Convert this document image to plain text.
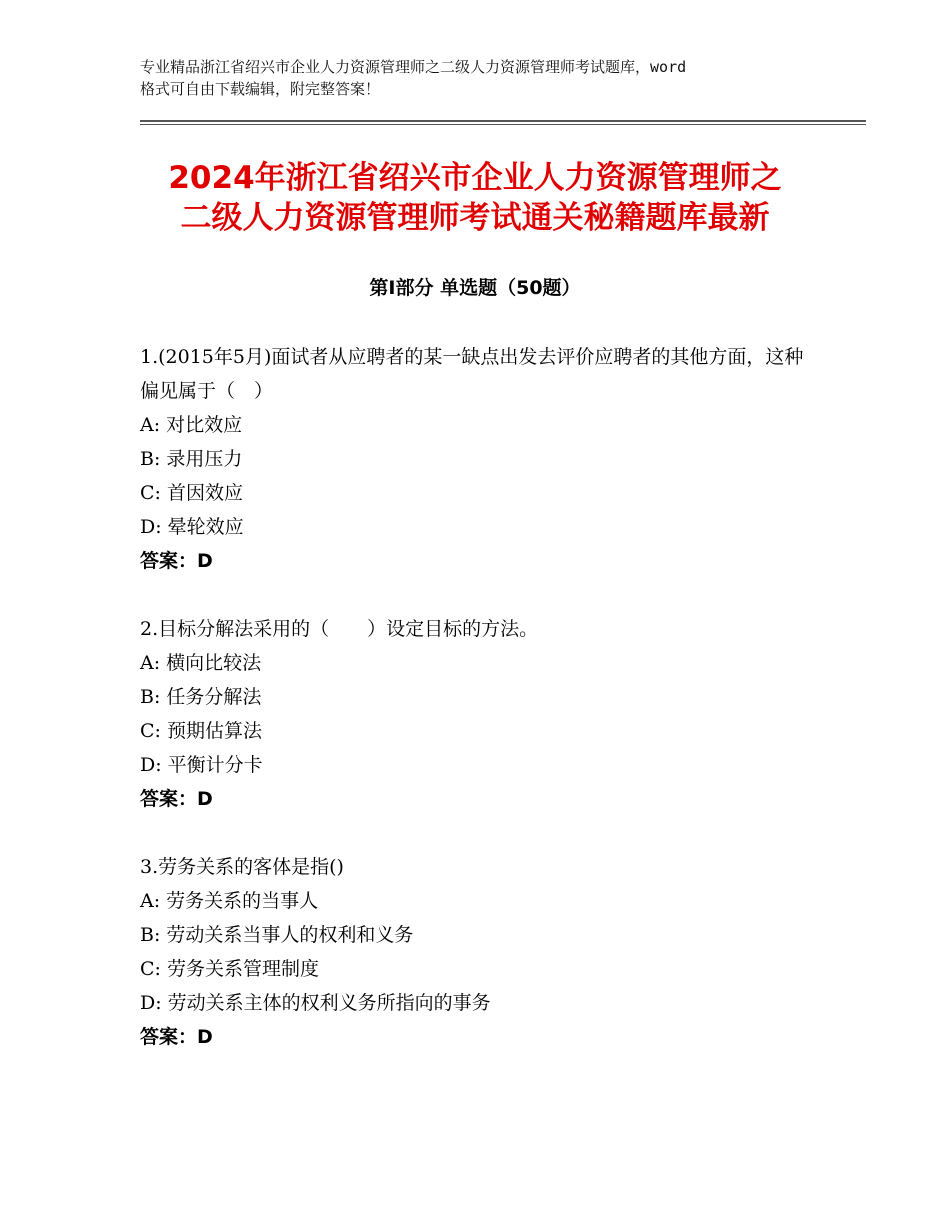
专业精品浙江省绍兴市企业人力资源管理师之二级人力资源管理师考试题库，word
格式可自由下载编辑，附完整答案！
2024年浙江省绍兴市企业人力资源管理师之
二级人力资源管理师考试通关秘籍题库最新
第Ⅰ部分 单选题（50题）

1.(2015年5月)面试者从应聘者的某一缺点出发去评价应聘者的其他方面，这种偏见属于（　）

A: 对比效应
B: 录用压力
C: 首因效应
D: 晕轮效应
答案：D

2.目标分解法采用的（　　）设定目标的方法。

A: 横向比较法
B: 任务分解法
C: 预期估算法
D: 平衡计分卡
答案：D

3.劳务关系的客体是指()

A: 劳务关系的当事人
B: 劳动关系当事人的权利和义务
C: 劳务关系管理制度
D: 劳动关系主体的权利义务所指向的事务
答案：D
